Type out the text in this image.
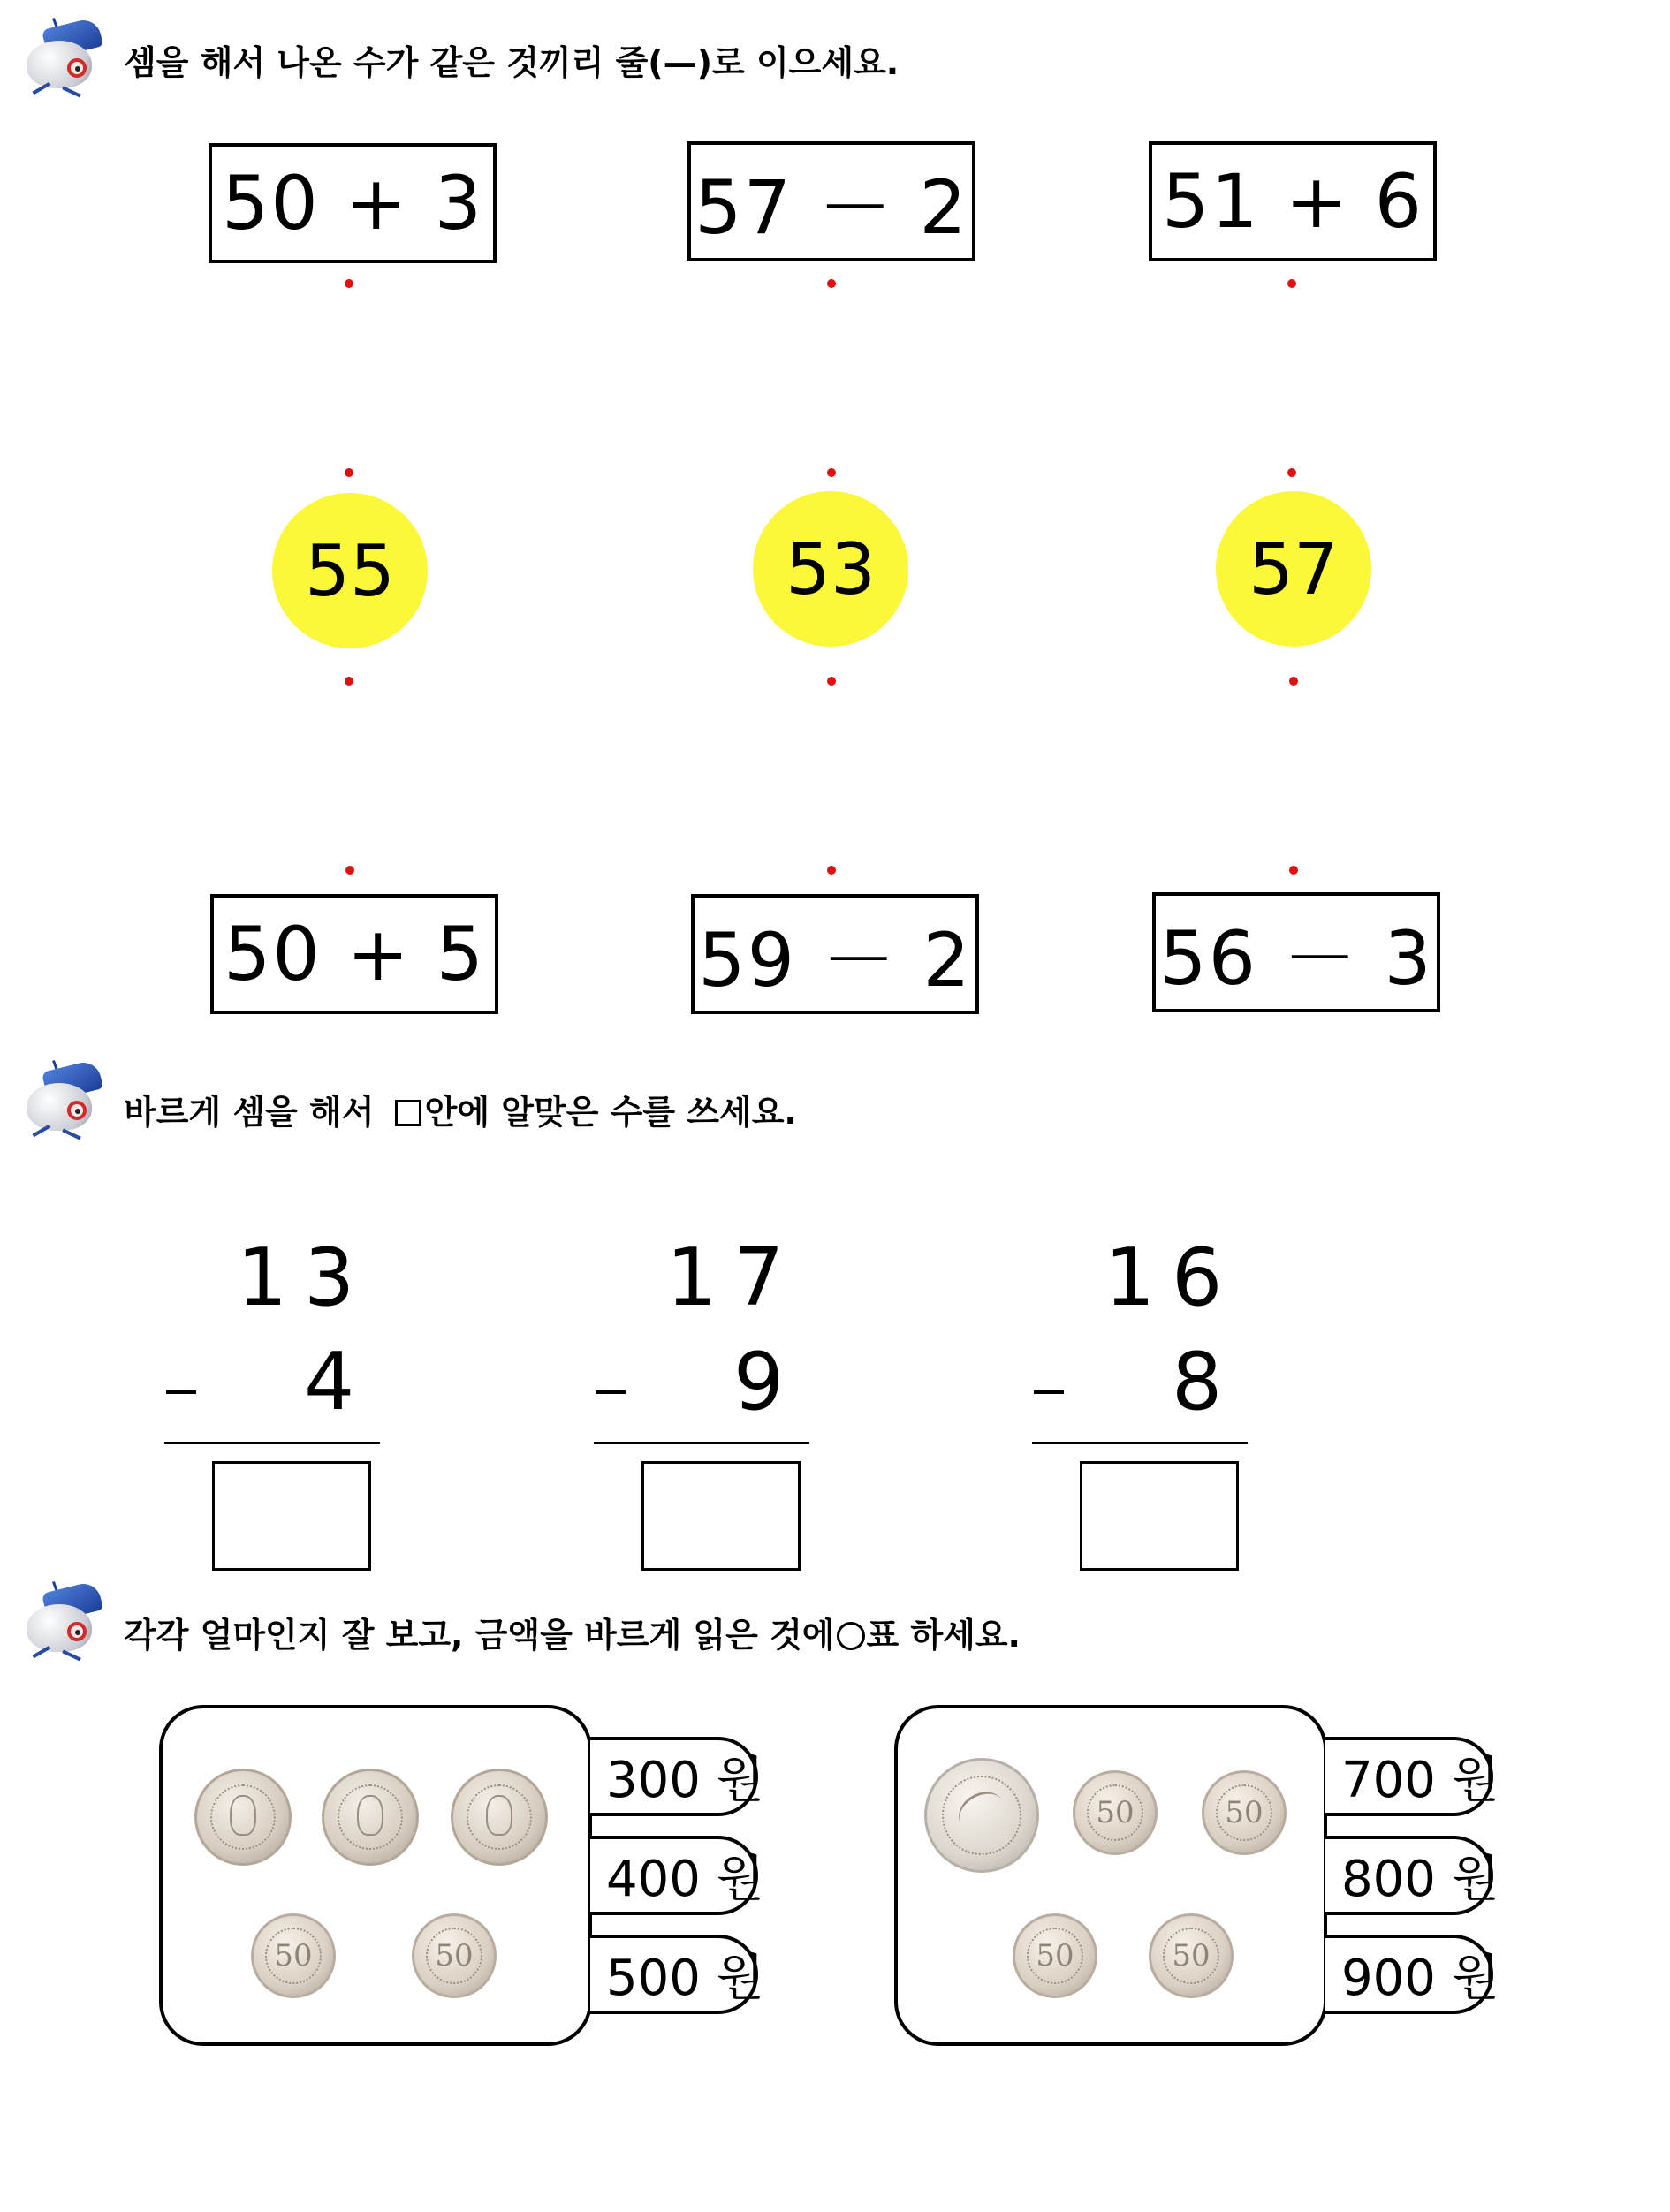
셈을 해서 나온 수가 같은 것끼리 줄(—)로 이으세요.
50 + 3	57 － 2	51 + 6
55	53	57
50 + 5	59 － 2	56 － 3
바르게 셈을 해서 안에 알맞은 수를 쓰세요.
1 3
4
1 7
9
1 6
8
각각 얼마인지 잘 보고, 금액을 바르게 읽은 것에 ○ 표 하세요.
50	50
300 원
400 원
500 원
50	50
50	50
700 원
800 원
900 원
